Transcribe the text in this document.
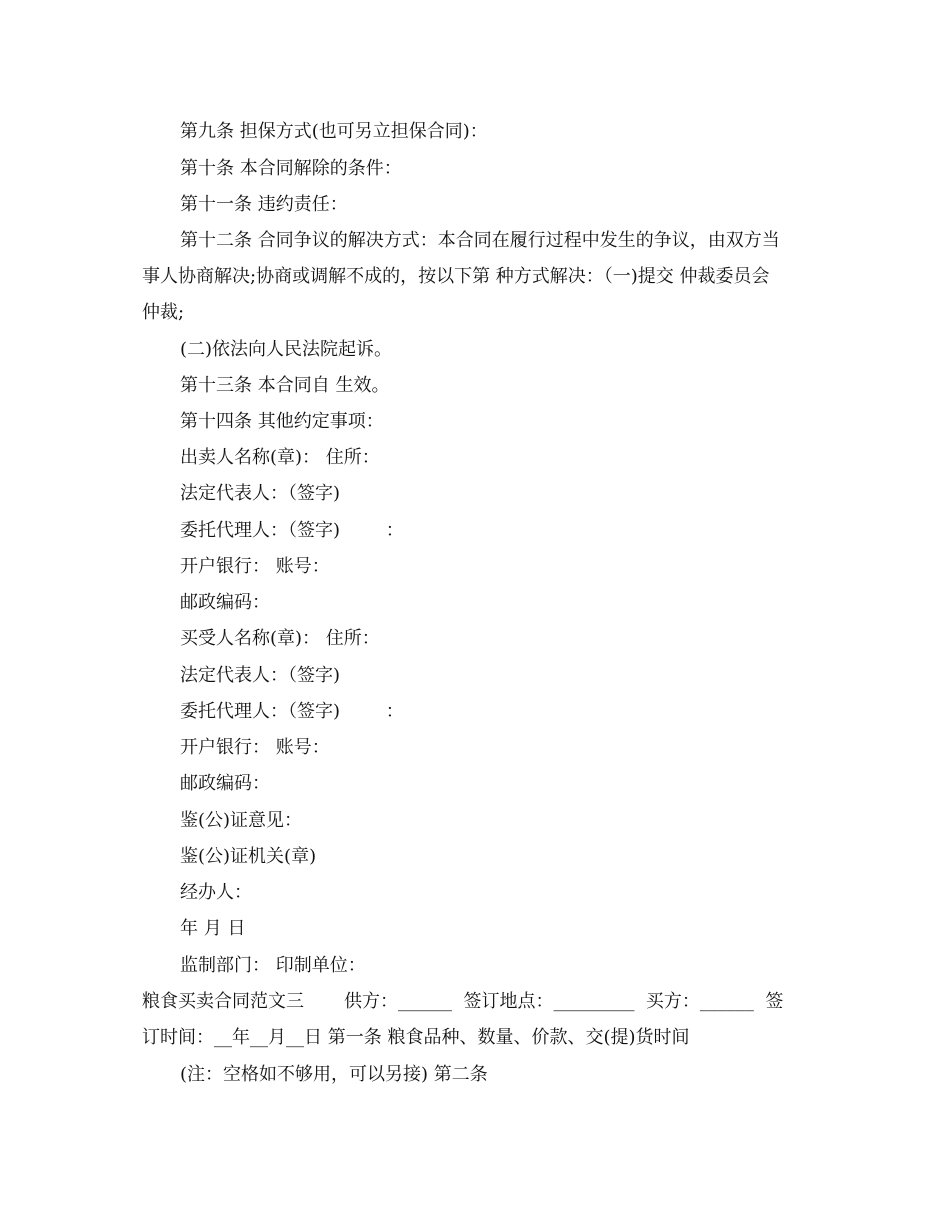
第九条 担保方式(也可另立担保合同)：
第十条 本合同解除的条件：
第十一条 违约责任：
第十二条 合同争议的解决方式：本合同在履行过程中发生的争议，由双方当
事人协商解决;协商或调解不成的，按以下第 种方式解决：（一)提交 仲裁委员会
仲裁;
(二)依法向人民法院起诉。
第十三条 本合同自 生效。
第十四条 其他约定事项：
出卖人名称(章)： 住所：
法定代表人：（签字)
委托代理人：（签字)        ：
开户银行： 账号：
邮政编码：
买受人名称(章)： 住所：
法定代表人：（签字)
委托代理人：（签字)        ：
开户银行： 账号：
邮政编码：
鉴(公)证意见：
鉴(公)证机关(章)
经办人：
年 月 日
监制部门： 印制单位：
粮食买卖合同范文三       供方：______  签订地点：_________  买方：______  签
订时间：__年__月__日 第一条 粮食品种、数量、价款、交(提)货时间
(注：空格如不够用，可以另接) 第二条
